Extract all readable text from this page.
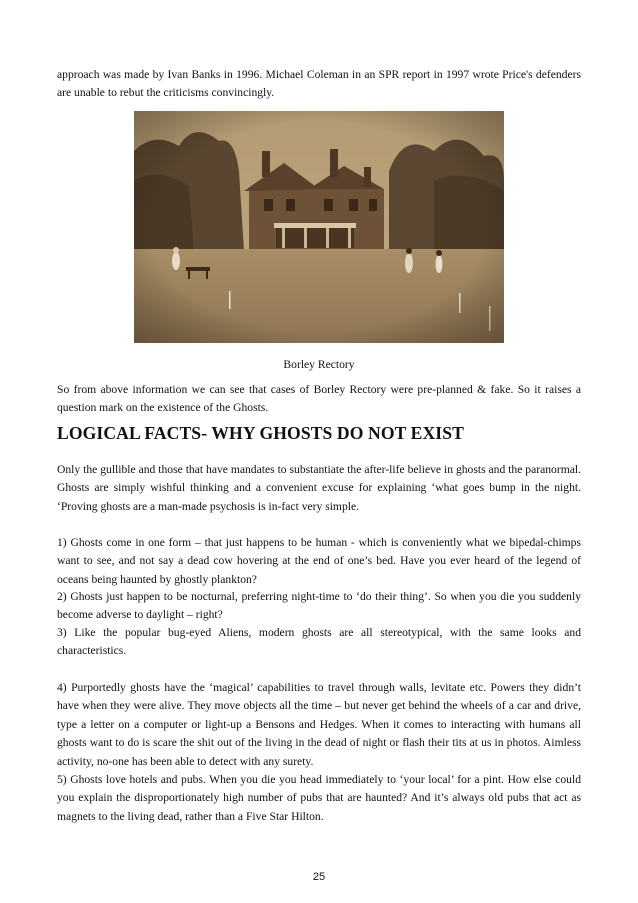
approach was made by Ivan Banks in 1996. Michael Coleman in an SPR report in 1997 wrote Price's defenders are unable to rebut the criticisms convincingly.

Borley Rectory

So from above information we can see that cases of Borley Rectory were pre-planned & fake. So it raises a question mark on the existence of the Ghosts.

LOGICAL FACTS- WHY GHOSTS DO NOT EXIST

Only the gullible and those that have mandates to substantiate the after-life believe in ghosts and the paranormal. Ghosts are simply wishful thinking and a convenient excuse for explaining ‘what goes bump in the night. ‘Proving ghosts are a man-made psychosis is in-fact very simple.

1) Ghosts come in one form – that just happens to be human - which is conveniently what we bipedal-chimps want to see, and not say a dead cow hovering at the end of one’s bed. Have you ever heard of the legend of oceans being haunted by ghostly plankton?

2) Ghosts just happen to be nocturnal, preferring night-time to ‘do their thing’. So when you die you suddenly become adverse to daylight – right?

3) Like the popular bug-eyed Aliens, modern ghosts are all stereotypical, with the same looks and characteristics.

4) Purportedly ghosts have the ‘magical’ capabilities to travel through walls, levitate etc. Powers they didn’t have when they were alive. They move objects all the time – but never get behind the wheels of a car and drive, type a letter on a computer or light-up a Bensons and Hedges. When it comes to interacting with humans all ghosts want to do is scare the shit out of the living in the dead of night or flash their tits at us in photos. Aimless activity, no-one has been able to detect with any surety.

5) Ghosts love hotels and pubs. When you die you head immediately to ‘your local’ for a pint. How else could you explain the disproportionately high number of pubs that are haunted? And it’s always old pubs that act as magnets to the living dead, rather than a Five Star Hilton.

25
